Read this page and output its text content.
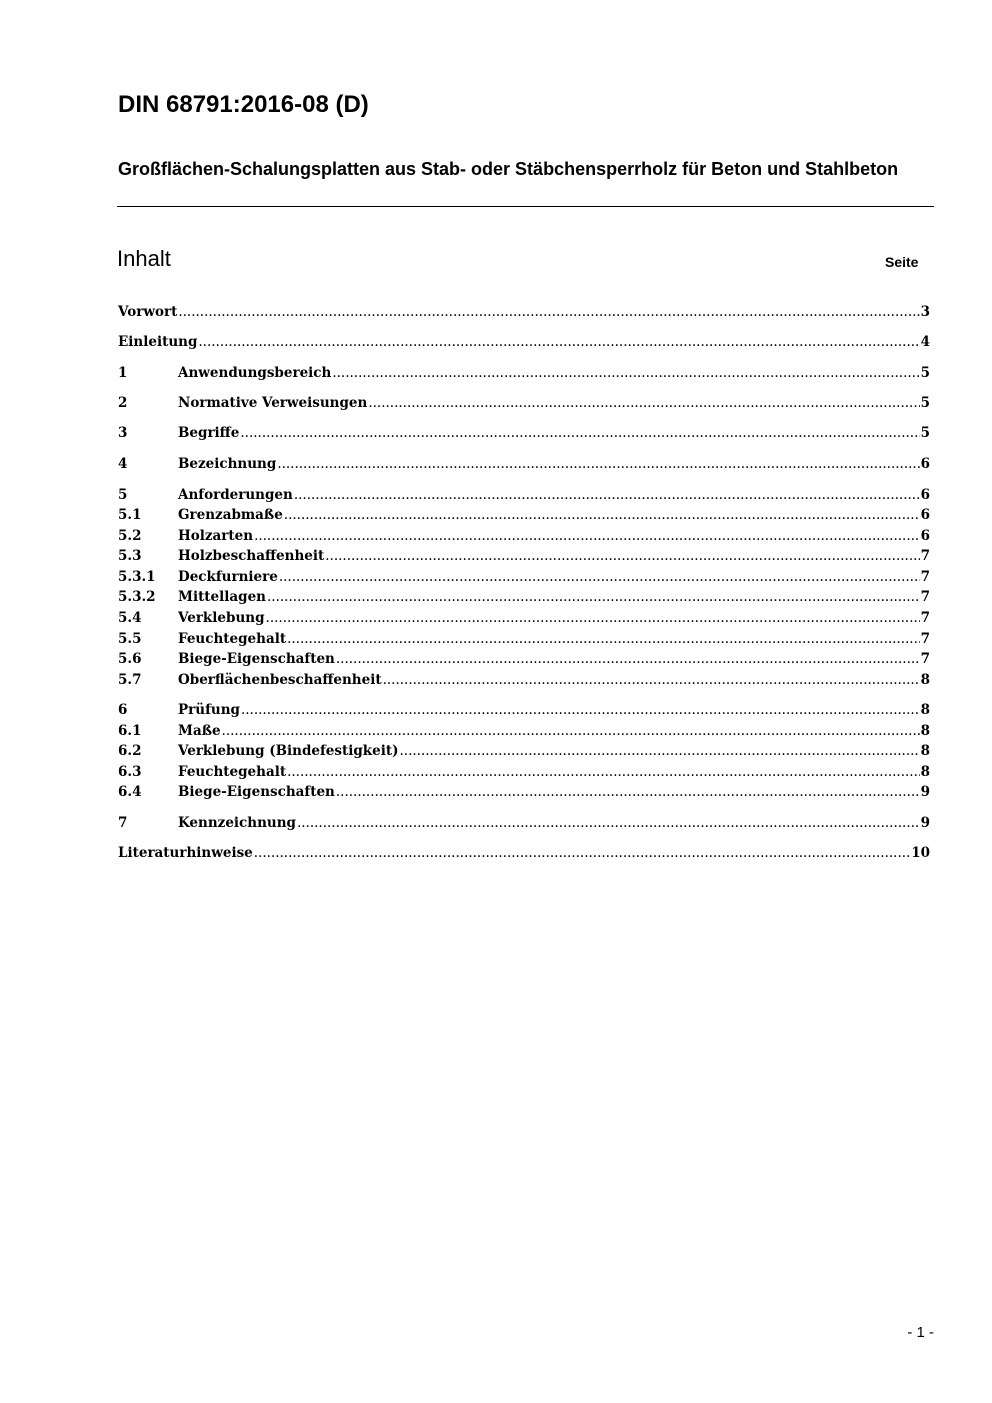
DIN 68791:2016-08 (D)
Großflächen-Schalungsplatten aus Stab- oder Stäbchensperrholz für Beton und Stahlbeton
Inhalt	Seite
Vorwort .....	3
Einleitung .....	4
1	Anwendungsbereich .....	5
2	Normative Verweisungen .....	5
3	Begriffe .....	5
4	Bezeichnung .....	6
5	Anforderungen .....	6
5.1	Grenzabmaße .....	6
5.2	Holzarten .....	6
5.3	Holzbeschaffenheit .....	7
5.3.1	Deckfurniere .....	7
5.3.2	Mittellagen .....	7
5.4	Verklebung .....	7
5.5	Feuchtegehalt .....	7
5.6	Biege-Eigenschaften .....	7
5.7	Oberflächenbeschaffenheit .....	8
6	Prüfung .....	8
6.1	Maße .....	8
6.2	Verklebung (Bindefestigkeit) .....	8
6.3	Feuchtegehalt .....	8
6.4	Biege-Eigenschaften .....	9
7	Kennzeichnung .....	9
Literaturhinweise .....	10
- 1 -
